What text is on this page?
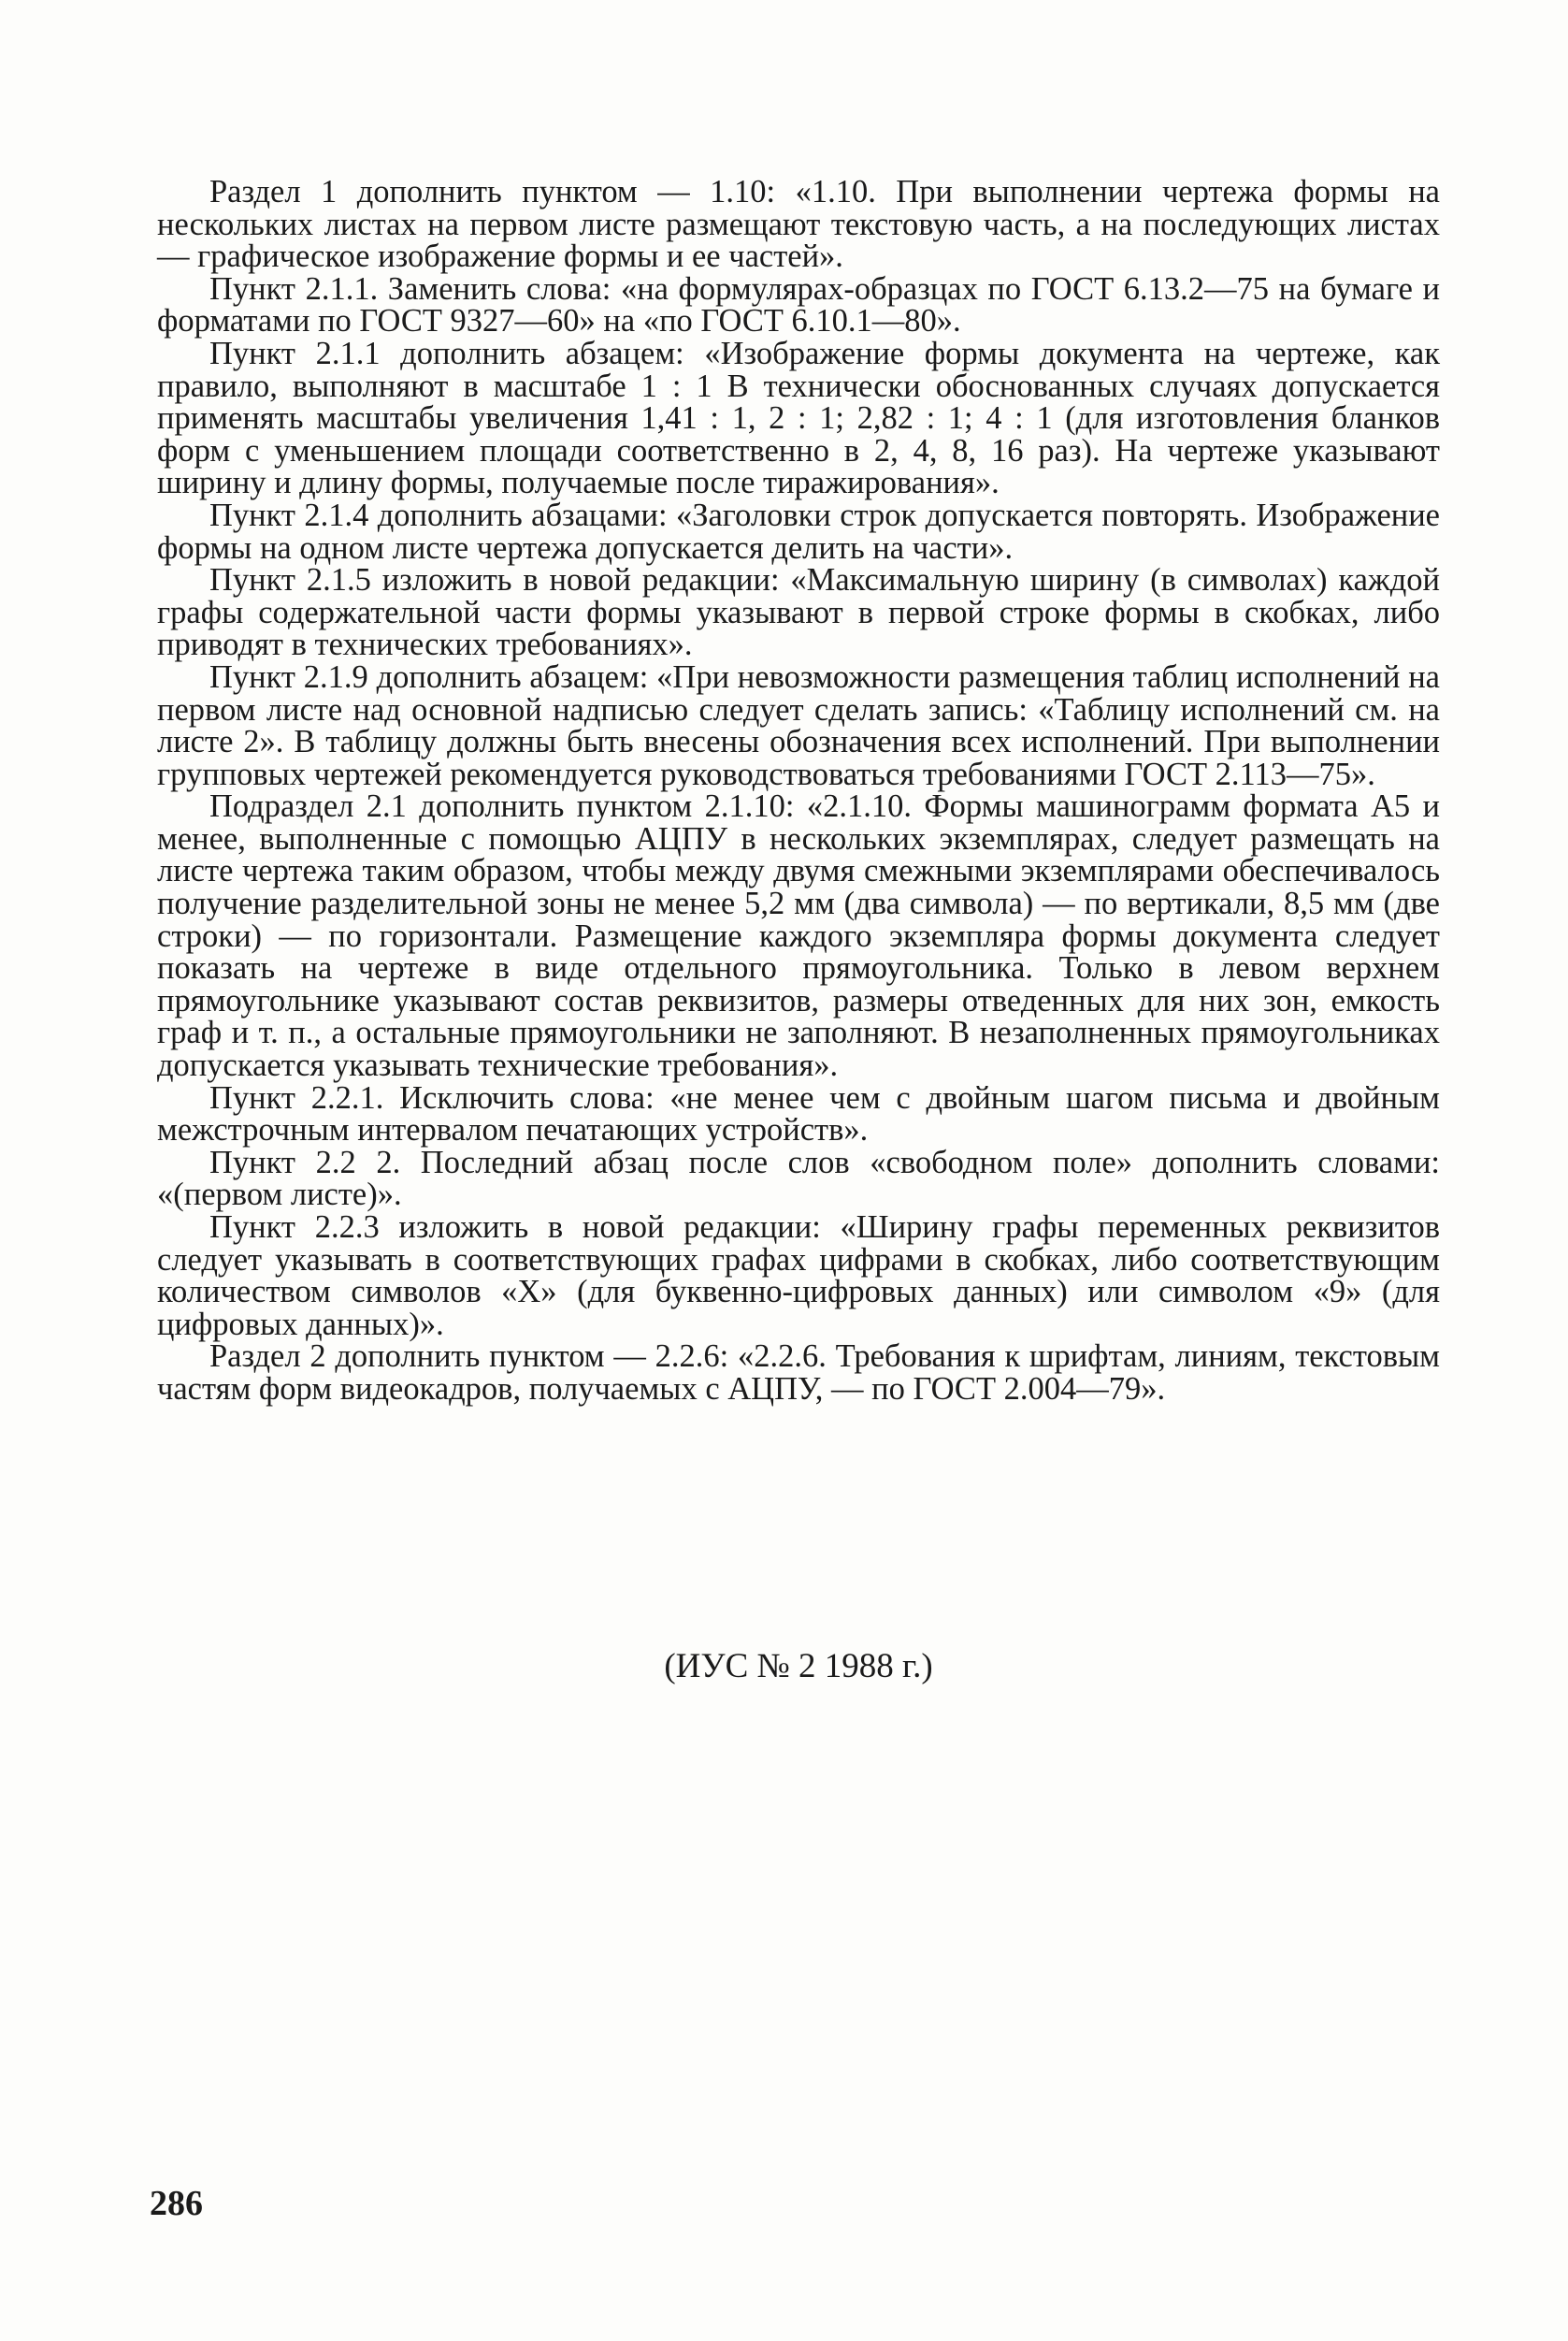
Раздел 1 дополнить пунктом — 1.10: «1.10. При выполнении чертежа формы на нескольких листах на первом листе размещают текстовую часть, а на последующих листах — графическое изображение формы и ее частей».

Пункт 2.1.1. Заменить слова: «на формулярах-образцах по ГОСТ 6.13.2—75 на бумаге и форматами по ГОСТ 9327—60» на «по ГОСТ 6.10.1—80».

Пункт 2.1.1 дополнить абзацем: «Изображение формы документа на чертеже, как правило, выполняют в масштабе 1 : 1 В технически обоснованных случаях допускается применять масштабы увеличения 1,41 : 1, 2 : 1; 2,82 : 1; 4 : 1 (для изготовления бланков форм с уменьшением площади соответственно в 2, 4, 8, 16 раз). На чертеже указывают ширину и длину формы, получаемые после тиражирования».

Пункт 2.1.4 дополнить абзацами: «Заголовки строк допускается повторять. Изображение формы на одном листе чертежа допускается делить на части».

Пункт 2.1.5 изложить в новой редакции: «Максимальную ширину (в символах) каждой графы содержательной части формы указывают в первой строке формы в скобках, либо приводят в технических требованиях».

Пункт 2.1.9 дополнить абзацем: «При невозможности размещения таблиц исполнений на первом листе над основной надписью следует сделать запись: «Таблицу исполнений см. на листе 2». В таблицу должны быть внесены обозначения всех исполнений. При выполнении групповых чертежей рекомендуется руководствоваться требованиями ГОСТ 2.113—75».

Подраздел 2.1 дополнить пунктом 2.1.10: «2.1.10. Формы машинограмм формата А5 и менее, выполненные с помощью АЦПУ в нескольких экземплярах, следует размещать на листе чертежа таким образом, чтобы между двумя смежными экземплярами обеспечивалось получение разделительной зоны не менее 5,2 мм (два символа) — по вертикали, 8,5 мм (две строки) — по горизонтали. Размещение каждого экземпляра формы документа следует показать на чертеже в виде отдельного прямоугольника. Только в левом верхнем прямоугольнике указывают состав реквизитов, размеры отведенных для них зон, емкость граф и т. п., а остальные прямоугольники не заполняют. В незаполненных прямоугольниках допускается указывать технические требования».

Пункт 2.2.1. Исключить слова: «не менее чем с двойным шагом письма и двойным межстрочным интервалом печатающих устройств».

Пункт 2.2 2. Последний абзац после слов «свободном поле» дополнить словами: «(первом листе)».

Пункт 2.2.3 изложить в новой редакции: «Ширину графы переменных реквизитов следует указывать в соответствующих графах цифрами в скобках, либо соответствующим количеством символов «Х» (для буквенно-цифровых данных) или символом «9» (для цифровых данных)».

Раздел 2 дополнить пунктом — 2.2.6: «2.2.6. Требования к шрифтам, линиям, текстовым частям форм видеокадров, получаемых с АЦПУ, — по ГОСТ 2.004—79».

(ИУС № 2 1988 г.)
286
